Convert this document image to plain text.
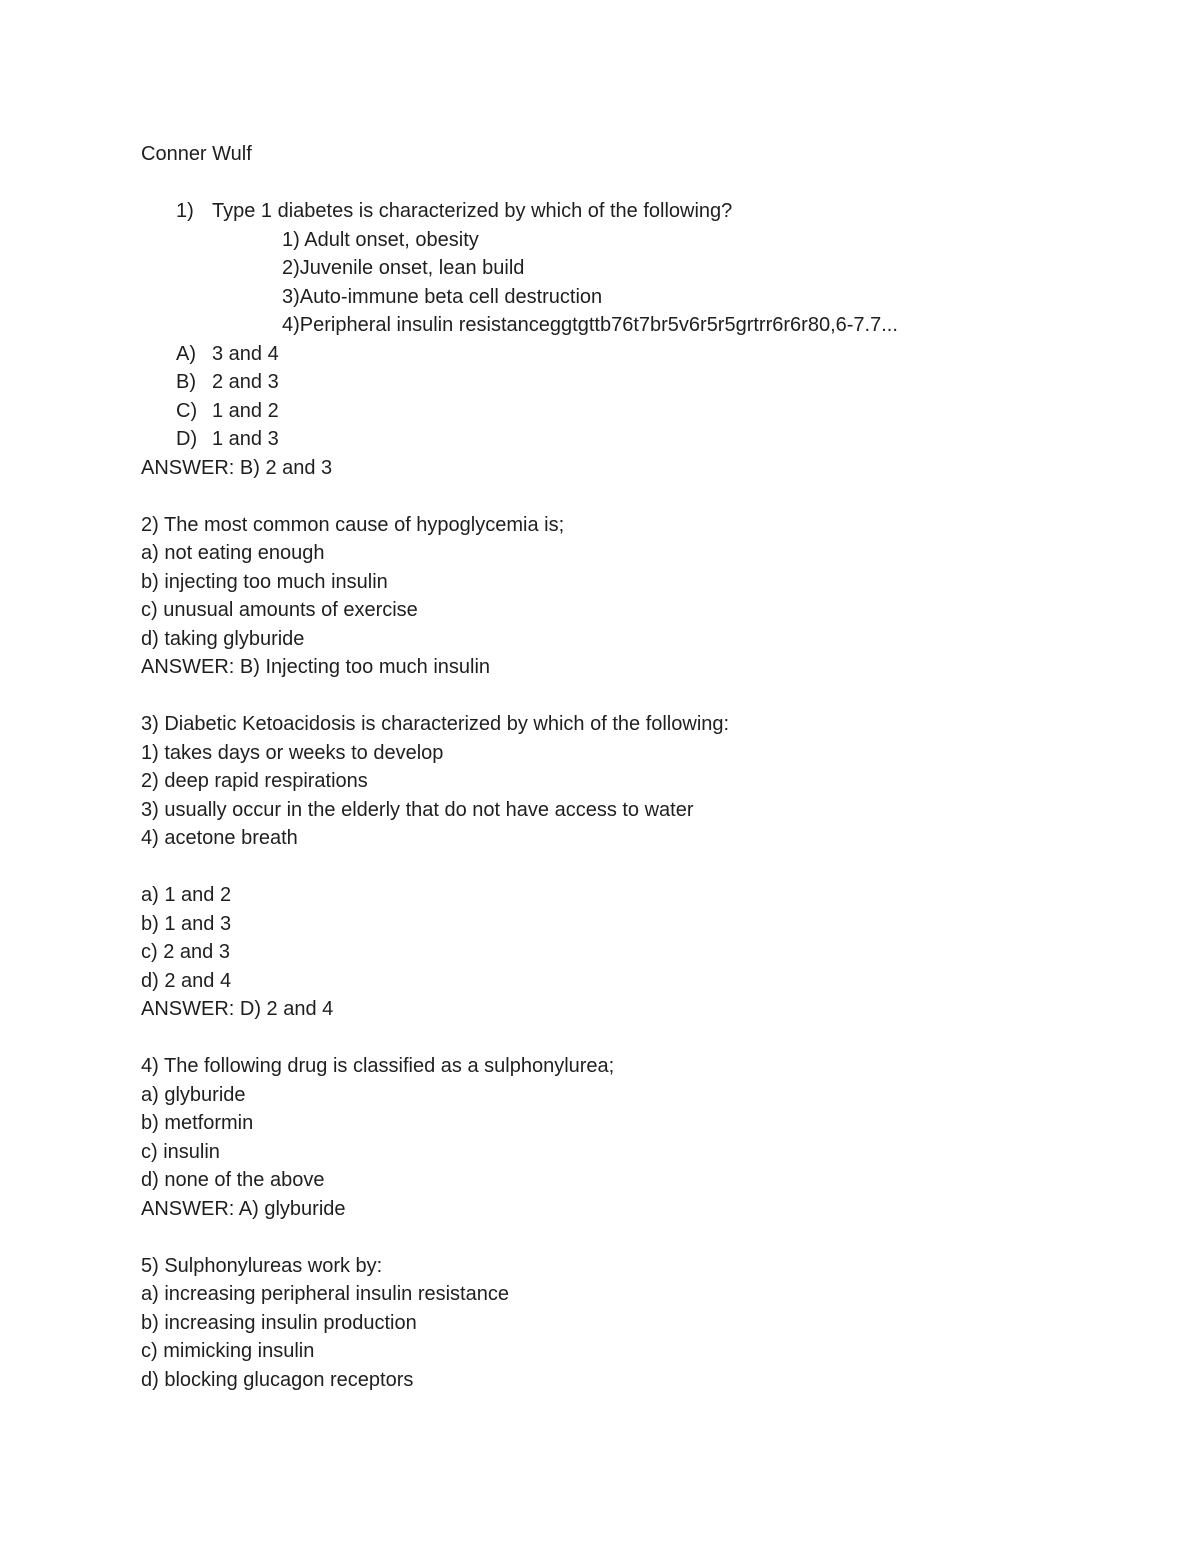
Conner Wulf
1) Type 1 diabetes is characterized by which of the following?
1) Adult onset, obesity
2)Juvenile onset, lean build
3)Auto-immune beta cell destruction
4)Peripheral insulin resistanceggtgttb76t7br5v6r5r5grtrr6r6r80,6-7.7...
A) 3 and 4
B) 2 and 3
C) 1 and 2
D) 1 and 3
ANSWER: B) 2 and 3
2) The most common cause of hypoglycemia is;
a) not eating enough
b) injecting too much insulin
c) unusual amounts of exercise
d) taking glyburide
ANSWER: B) Injecting too much insulin
3) Diabetic Ketoacidosis is characterized by which of the following:
1) takes days or weeks to develop
2) deep rapid respirations
3) usually occur in the elderly that do not have access to water
4) acetone breath
a) 1 and 2
b) 1 and 3
c) 2 and 3
d) 2 and 4
ANSWER: D) 2 and 4
4) The following drug is classified as a sulphonylurea;
a) glyburide
b) metformin
c) insulin
d) none of the above
ANSWER: A) glyburide
5) Sulphonylureas work by:
a) increasing peripheral insulin resistance
b) increasing insulin production
c) mimicking insulin
d) blocking glucagon receptors
